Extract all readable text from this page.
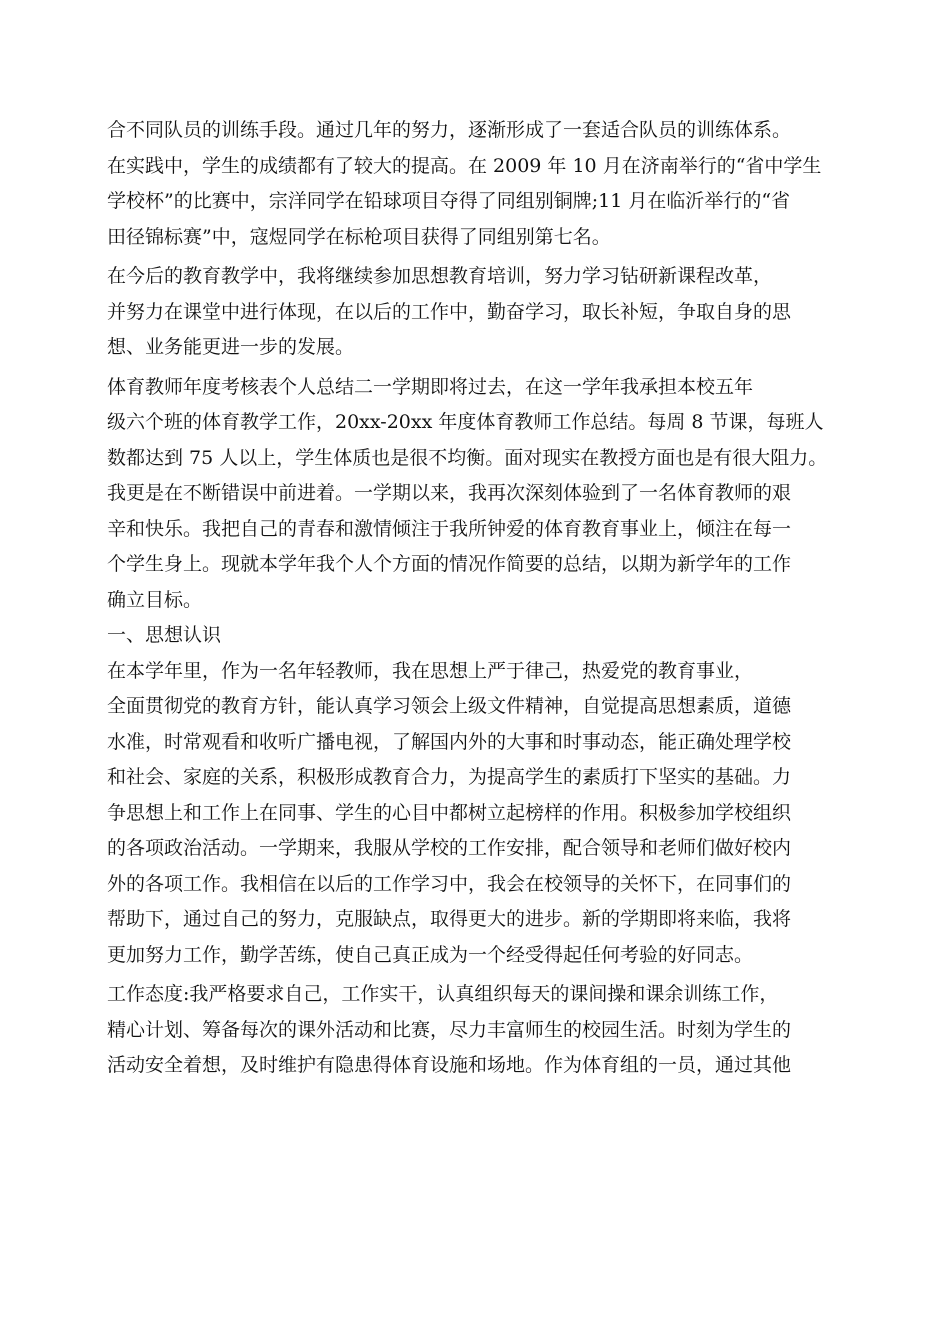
合不同队员的训练手段。通过几年的努力，逐渐形成了一套适合队员的训练体系。
在实践中，学生的成绩都有了较大的提高。在 2009 年 10 月在济南举行的“省中学生
学校杯”的比赛中，宗洋同学在铅球项目夺得了同组别铜牌;11 月在临沂举行的“省
田径锦标赛”中，寇煜同学在标枪项目获得了同组别第七名。
在今后的教育教学中，我将继续参加思想教育培训，努力学习钻研新课程改革，
并努力在课堂中进行体现，在以后的工作中，勤奋学习，取长补短，争取自身的思
想、业务能更进一步的发展。
体育教师年度考核表个人总结二一学期即将过去，在这一学年我承担本校五年
级六个班的体育教学工作，20xx-20xx 年度体育教师工作总结。每周 8 节课，每班人
数都达到 75 人以上，学生体质也是很不均衡。面对现实在教授方面也是有很大阻力。
我更是在不断错误中前进着。一学期以来，我再次深刻体验到了一名体育教师的艰
辛和快乐。我把自己的青春和激情倾注于我所钟爱的体育教育事业上，倾注在每一
个学生身上。现就本学年我个人个方面的情况作简要的总结，以期为新学年的工作
确立目标。
一、思想认识
在本学年里，作为一名年轻教师，我在思想上严于律己，热爱党的教育事业，
全面贯彻党的教育方针，能认真学习领会上级文件精神，自觉提高思想素质，道德
水准，时常观看和收听广播电视，了解国内外的大事和时事动态，能正确处理学校
和社会、家庭的关系，积极形成教育合力，为提高学生的素质打下坚实的基础。力
争思想上和工作上在同事、学生的心目中都树立起榜样的作用。积极参加学校组织
的各项政治活动。一学期来，我服从学校的工作安排，配合领导和老师们做好校内
外的各项工作。我相信在以后的工作学习中，我会在校领导的关怀下，在同事们的
帮助下，通过自己的努力，克服缺点，取得更大的进步。新的学期即将来临，我将
更加努力工作，勤学苦练，使自己真正成为一个经受得起任何考验的好同志。
工作态度:我严格要求自己，工作实干，认真组织每天的课间操和课余训练工作，
精心计划、筹备每次的课外活动和比赛，尽力丰富师生的校园生活。时刻为学生的
活动安全着想，及时维护有隐患得体育设施和场地。作为体育组的一员，通过其他
